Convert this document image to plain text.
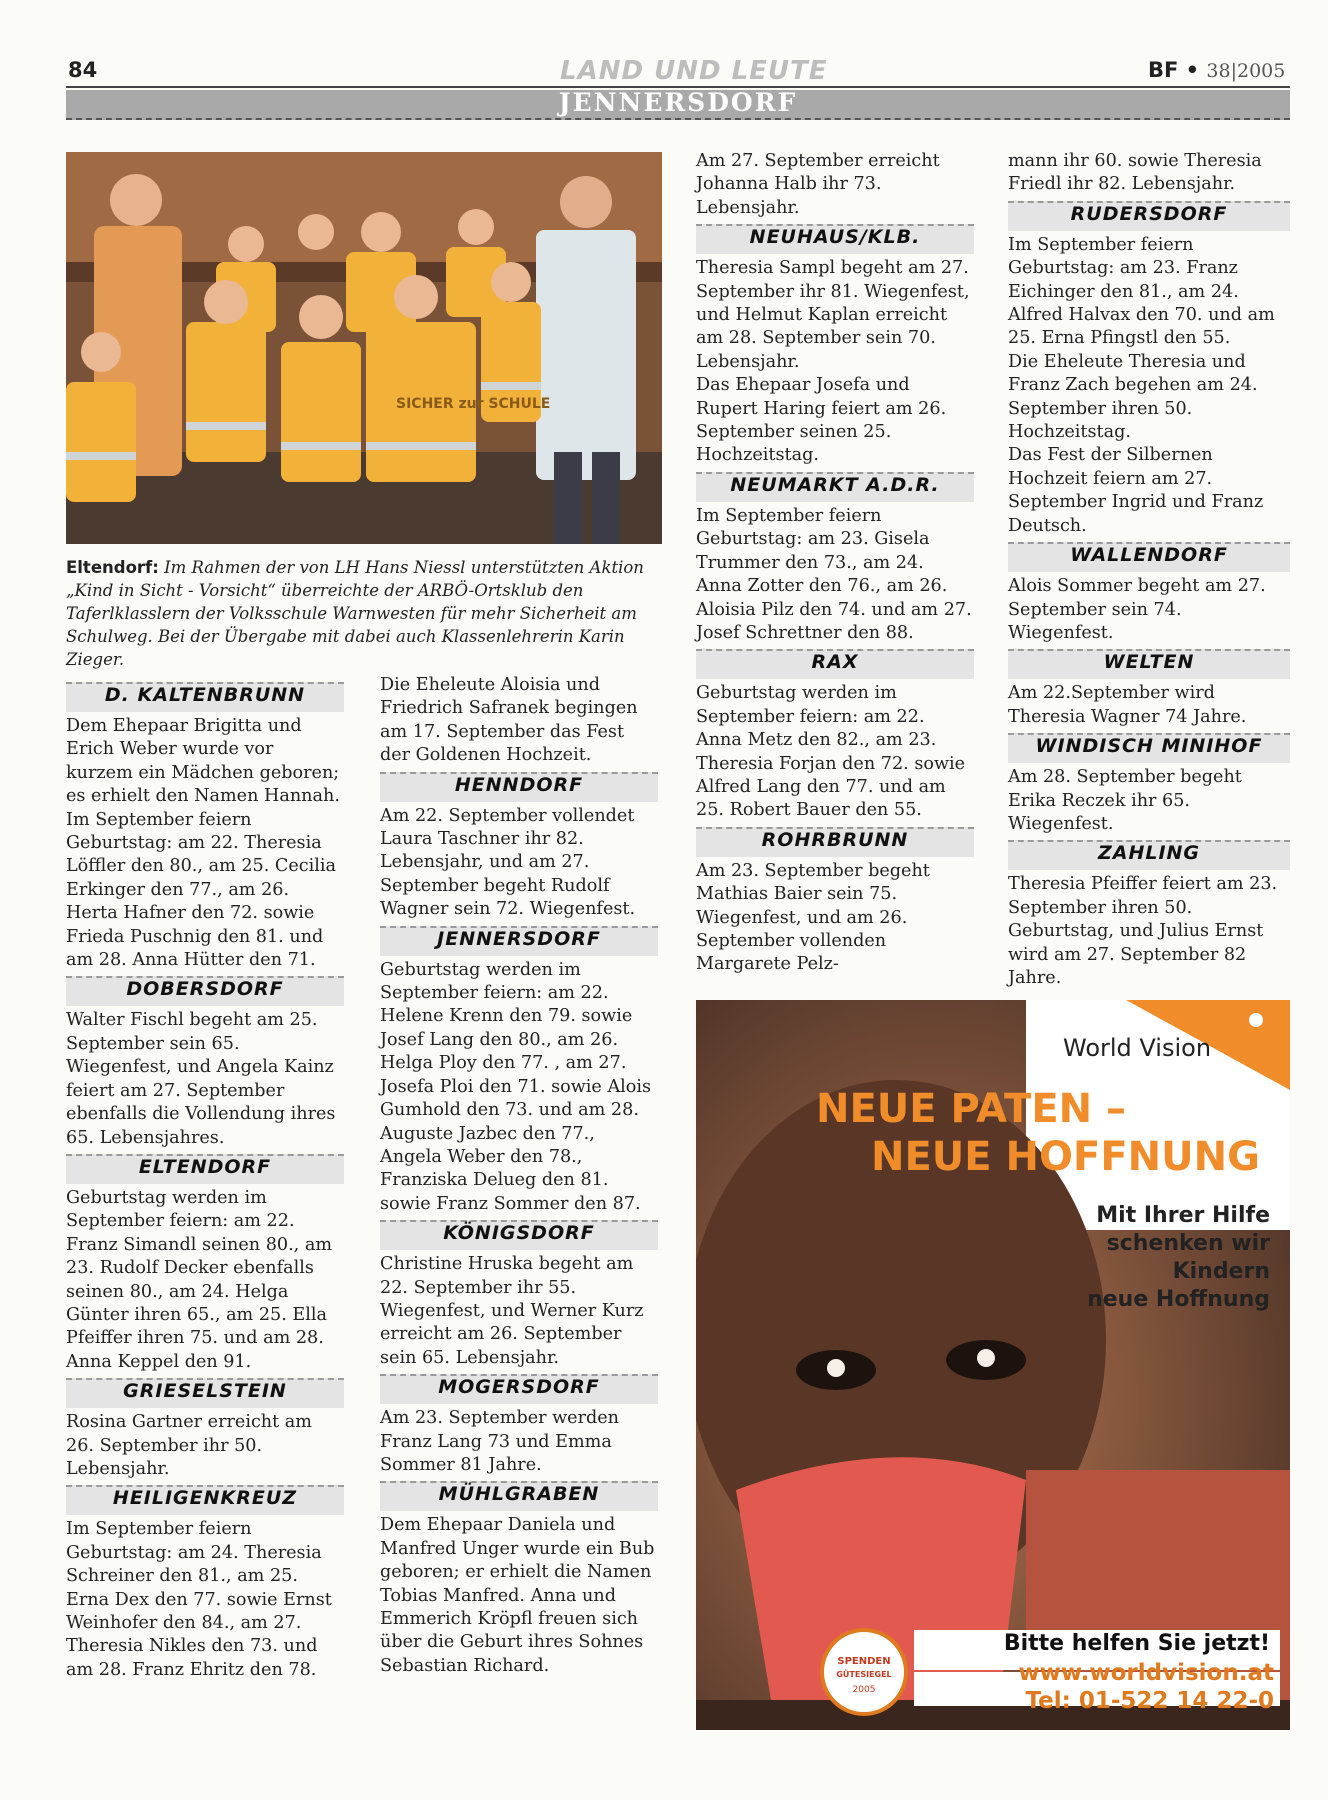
84	LAND UND LEUTE	BF • 38|2005
JENNERSDORF
SICHER zur SCHULE
Eltendorf: Im Rahmen der von LH Hans Niessl unterstützten Aktion „Kind in Sicht - Vorsicht“ überreichte der ARBÖ-Ortsklub den Taferlklasslern der Volksschule Warnwesten für mehr Sicherheit am Schulweg. Bei der Übergabe mit dabei auch Klassenlehrerin Karin Zieger.
D. KALTENBRUNN

Dem Ehepaar Brigitta und Erich Weber wurde vor kurzem ein Mädchen geboren; es erhielt den Namen Hannah.

Im September feiern Geburtstag: am 22. Theresia Löffler den 80., am 25. Cecilia Erkinger den 77., am 26. Herta Hafner den 72. sowie Frieda Puschnig den 81. und am 28. Anna Hütter den 71.

DOBERSDORF

Walter Fischl begeht am 25. September sein 65. Wiegenfest, und Angela Kainz feiert am 27. September ebenfalls die Vollendung ihres 65. Lebensjahres.

ELTENDORF

Geburtstag werden im September feiern: am 22. Franz Simandl seinen 80., am 23. Rudolf Decker ebenfalls seinen 80., am 24. Helga Günter ihren 65., am 25. Ella Pfeiffer ihren 75. und am 28. Anna Keppel den 91.

GRIESELSTEIN

Rosina Gartner erreicht am 26. September ihr 50. Lebensjahr.

HEILIGENKREUZ

Im September feiern Geburtstag: am 24. Theresia Schreiner den 81., am 25. Erna Dex den 77. sowie Ernst Weinhofer den 84., am 27. Theresia Nikles den 73. und am 28. Franz Ehritz den 78.

Die Eheleute Aloisia und Friedrich Safranek begingen am 17. September das Fest der Goldenen Hochzeit.

HENNDORF

Am 22. September vollendet Laura Taschner ihr 82. Lebensjahr, und am 27. September begeht Rudolf Wagner sein 72. Wiegenfest.

JENNERSDORF

Geburtstag werden im September feiern: am 22. Helene Krenn den 79. sowie Josef Lang den 80., am 26. Helga Ploy den 77. , am 27. Josefa Ploi den 71. sowie Alois Gumhold den 73. und am 28. Auguste Jazbec den 77., Angela Weber den 78., Franziska Delueg den 81. sowie Franz Sommer den 87.

KÖNIGSDORF

Christine Hruska begeht am 22. September ihr 55. Wiegenfest, und Werner Kurz erreicht am 26. September sein 65. Lebensjahr.

MOGERSDORF

Am 23. September werden Franz Lang 73 und Emma Sommer 81 Jahre.

MÜHLGRABEN

Dem Ehepaar Daniela und Manfred Unger wurde ein Bub geboren; er erhielt die Namen Tobias Manfred. Anna und Emmerich Kröpfl freuen sich über die Geburt ihres Sohnes Sebastian Richard.

Am 27. September erreicht Johanna Halb ihr 73. Lebensjahr.

NEUHAUS/KLB.

Theresia Sampl begeht am 27. September ihr 81. Wiegenfest, und Helmut Kaplan erreicht am 28. September sein 70. Lebensjahr.

Das Ehepaar Josefa und Rupert Haring feiert am 26. September seinen 25. Hochzeitstag.

NEUMARKT A.D.R.

Im September feiern Geburtstag: am 23. Gisela Trummer den 73., am 24. Anna Zotter den 76., am 26. Aloisia Pilz den 74. und am 27. Josef Schrettner den 88.

RAX

Geburtstag werden im September feiern: am 22. Anna Metz den 82., am 23. Theresia Forjan den 72. sowie Alfred Lang den 77. und am 25. Robert Bauer den 55.

ROHRBRUNN

Am 23. September begeht Mathias Baier sein 75. Wiegenfest, und am 26. September vollenden Margarete Pelz-

mann ihr 60. sowie Theresia Friedl ihr 82. Lebensjahr.

RUDERSDORF

Im September feiern Geburtstag: am 23. Franz Eichinger den 81., am 24. Alfred Halvax den 70. und am 25. Erna Pfingstl den 55.

Die Eheleute Theresia und Franz Zach begehen am 24. September ihren 50. Hochzeitstag.

Das Fest der Silbernen Hochzeit feiern am 27. September Ingrid und Franz Deutsch.

WALLENDORF

Alois Sommer begeht am 27. September sein 74. Wiegenfest.

WELTEN

Am 22.September wird Theresia Wagner 74 Jahre.

WINDISCH MINIHOF

Am 28. September begeht Erika Reczek ihr 65. Wiegenfest.

ZAHLING

Theresia Pfeiffer feiert am 23. September ihren 50. Geburtstag, und Julius Ernst wird am 27. September 82 Jahre.

SPENDEN
GÜTESIEGEL
2005
World Vision
NEUE PATEN –
NEUE HOFFNUNG
Mit Ihrer Hilfe
schenken wir
Kindern
neue Hoffnung
Bitte helfen Sie jetzt!
www.worldvision.at
Tel: 01-522 14 22-0
